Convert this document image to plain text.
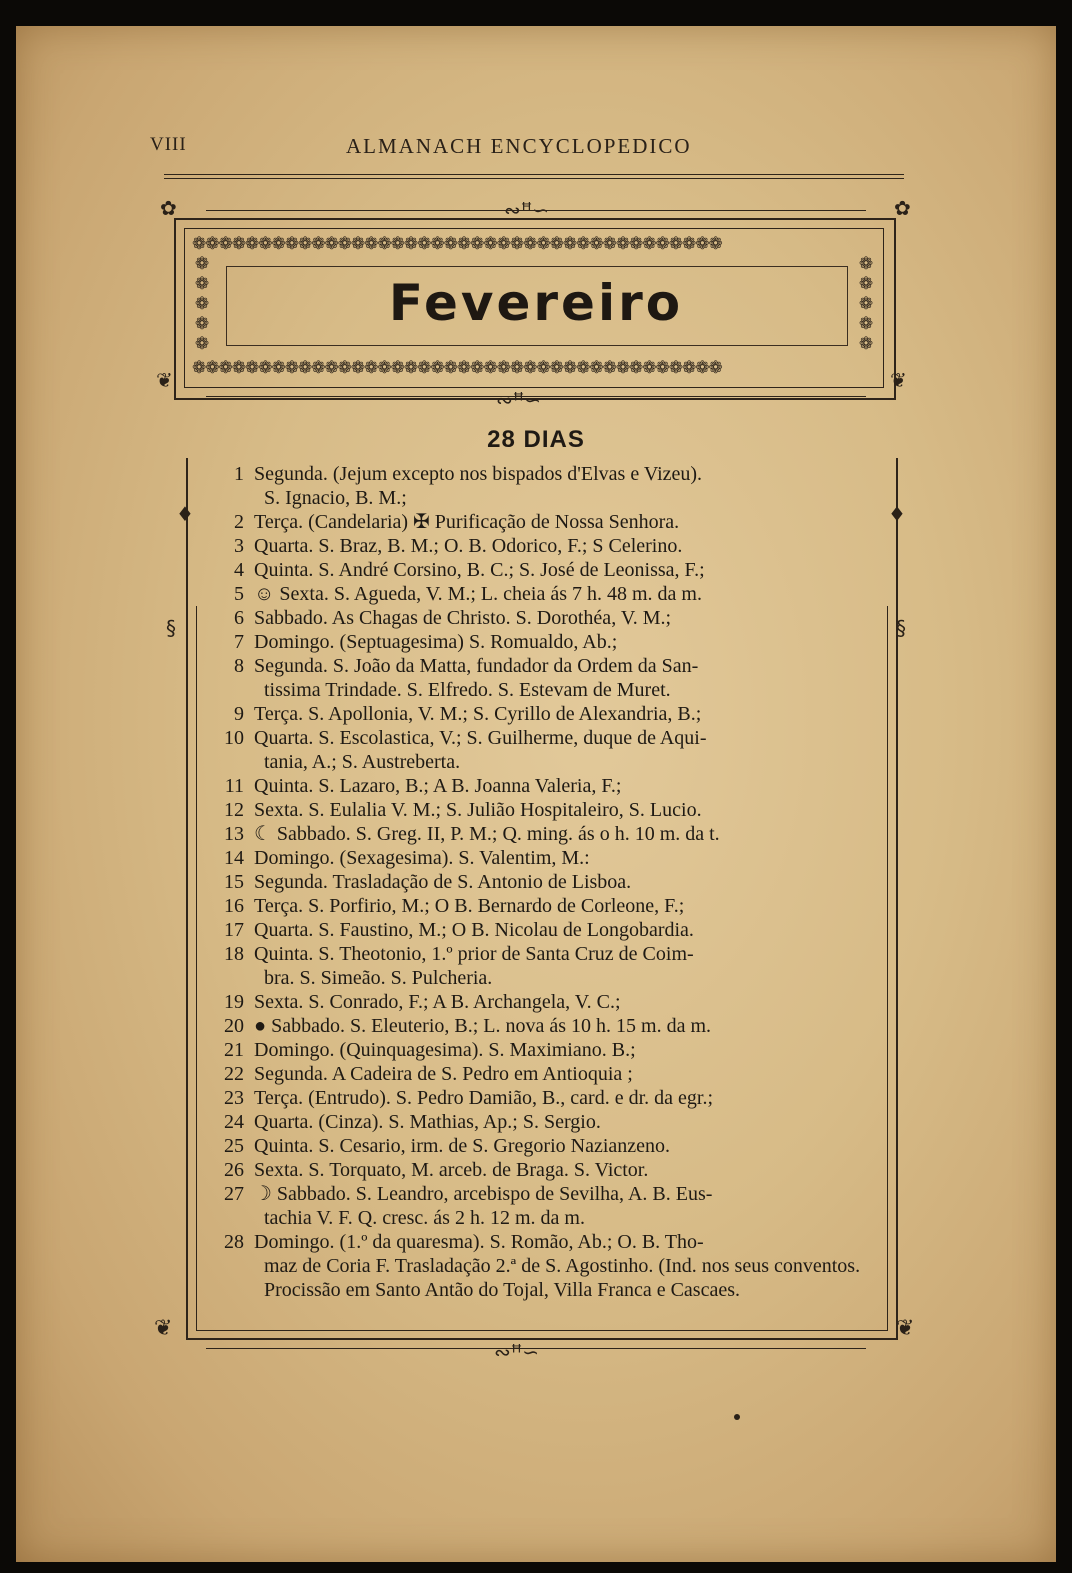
VIII	ALMANACH ENCYCLOPEDICO
✿	✿
∾ꟸ∽
❁❁❁❁❁❁❁❁❁❁❁❁❁❁❁❁❁❁❁❁❁❁❁❁❁❁❁❁❁❁❁❁❁❁❁❁❁❁❁❁
❁❁❁❁❁❁❁❁❁❁❁❁❁❁❁❁❁❁❁❁❁❁❁❁❁❁❁❁❁❁❁❁❁❁❁❁❁❁❁❁
❁
❁
❁
❁
❁
❁
❁
❁
❁
❁
Fevereiro
❦	❦
∾ꟸ∽
28 DIAS
1 Segunda. (Jejum excepto nos bispados d'Elvas e Vizeu).
S. Ignacio, B. M.;
2 Terça. (Candelaria) ✠ Purificação de Nossa Senhora.
3 Quarta. S. Braz, B. M.; O. B. Odorico, F.; S Celerino.
4 Quinta. S. André Corsino, B. C.; S. José de Leonissa, F.;
5 ☺ Sexta. S. Agueda, V. M.; L. cheia ás 7 h. 48 m. da m.
6 Sabbado. As Chagas de Christo. S. Dorothéa, V. M.;
7 Domingo. (Septuagesima) S. Romualdo, Ab.;
8 Segunda. S. João da Matta, fundador da Ordem da San-
tissima Trindade. S. Elfredo. S. Estevam de Muret.
9 Terça. S. Apollonia, V. M.; S. Cyrillo de Alexandria, B.;
10 Quarta. S. Escolastica, V.; S. Guilherme, duque de Aqui-
tania, A.; S. Austreberta.
11 Quinta. S. Lazaro, B.; A B. Joanna Valeria, F.;
12 Sexta. S. Eulalia V. M.; S. Julião Hospitaleiro, S. Lucio.
13 ☾ Sabbado. S. Greg. II, P. M.; Q. ming. ás o h. 10 m. da t.
14 Domingo. (Sexagesima). S. Valentim, M.:
15 Segunda. Trasladação de S. Antonio de Lisboa.
16 Terça. S. Porfirio, M.; O B. Bernardo de Corleone, F.;
17 Quarta. S. Faustino, M.; O B. Nicolau de Longobardia.
18 Quinta. S. Theotonio, 1.º prior de Santa Cruz de Coim-
bra. S. Simeão. S. Pulcheria.
19 Sexta. S. Conrado, F.; A B. Archangela, V. C.;
20 ● Sabbado. S. Eleuterio, B.; L. nova ás 10 h. 15 m. da m.
21 Domingo. (Quinquagesima). S. Maximiano. B.;
22 Segunda. A Cadeira de S. Pedro em Antioquia ;
23 Terça. (Entrudo). S. Pedro Damião, B., card. e dr. da egr.;
24 Quarta. (Cinza). S. Mathias, Ap.; S. Sergio.
25 Quinta. S. Cesario, irm. de S. Gregorio Nazianzeno.
26 Sexta. S. Torquato, M. arceb. de Braga. S. Victor.
27 ☽ Sabbado. S. Leandro, arcebispo de Sevilha, A. B. Eus-
tachia V. F. Q. cresc. ás 2 h. 12 m. da m.
28 Domingo. (1.º da quaresma). S. Romão, Ab.; O. B. Tho-
maz de Coria F. Trasladação 2.ª de S. Agostinho. (Ind. nos seus conventos. Procissão em Santo Antão do Tojal, Villa Franca e Cascaes.
♦	♦
§	§
❦	❦
∾ꟸ∽
